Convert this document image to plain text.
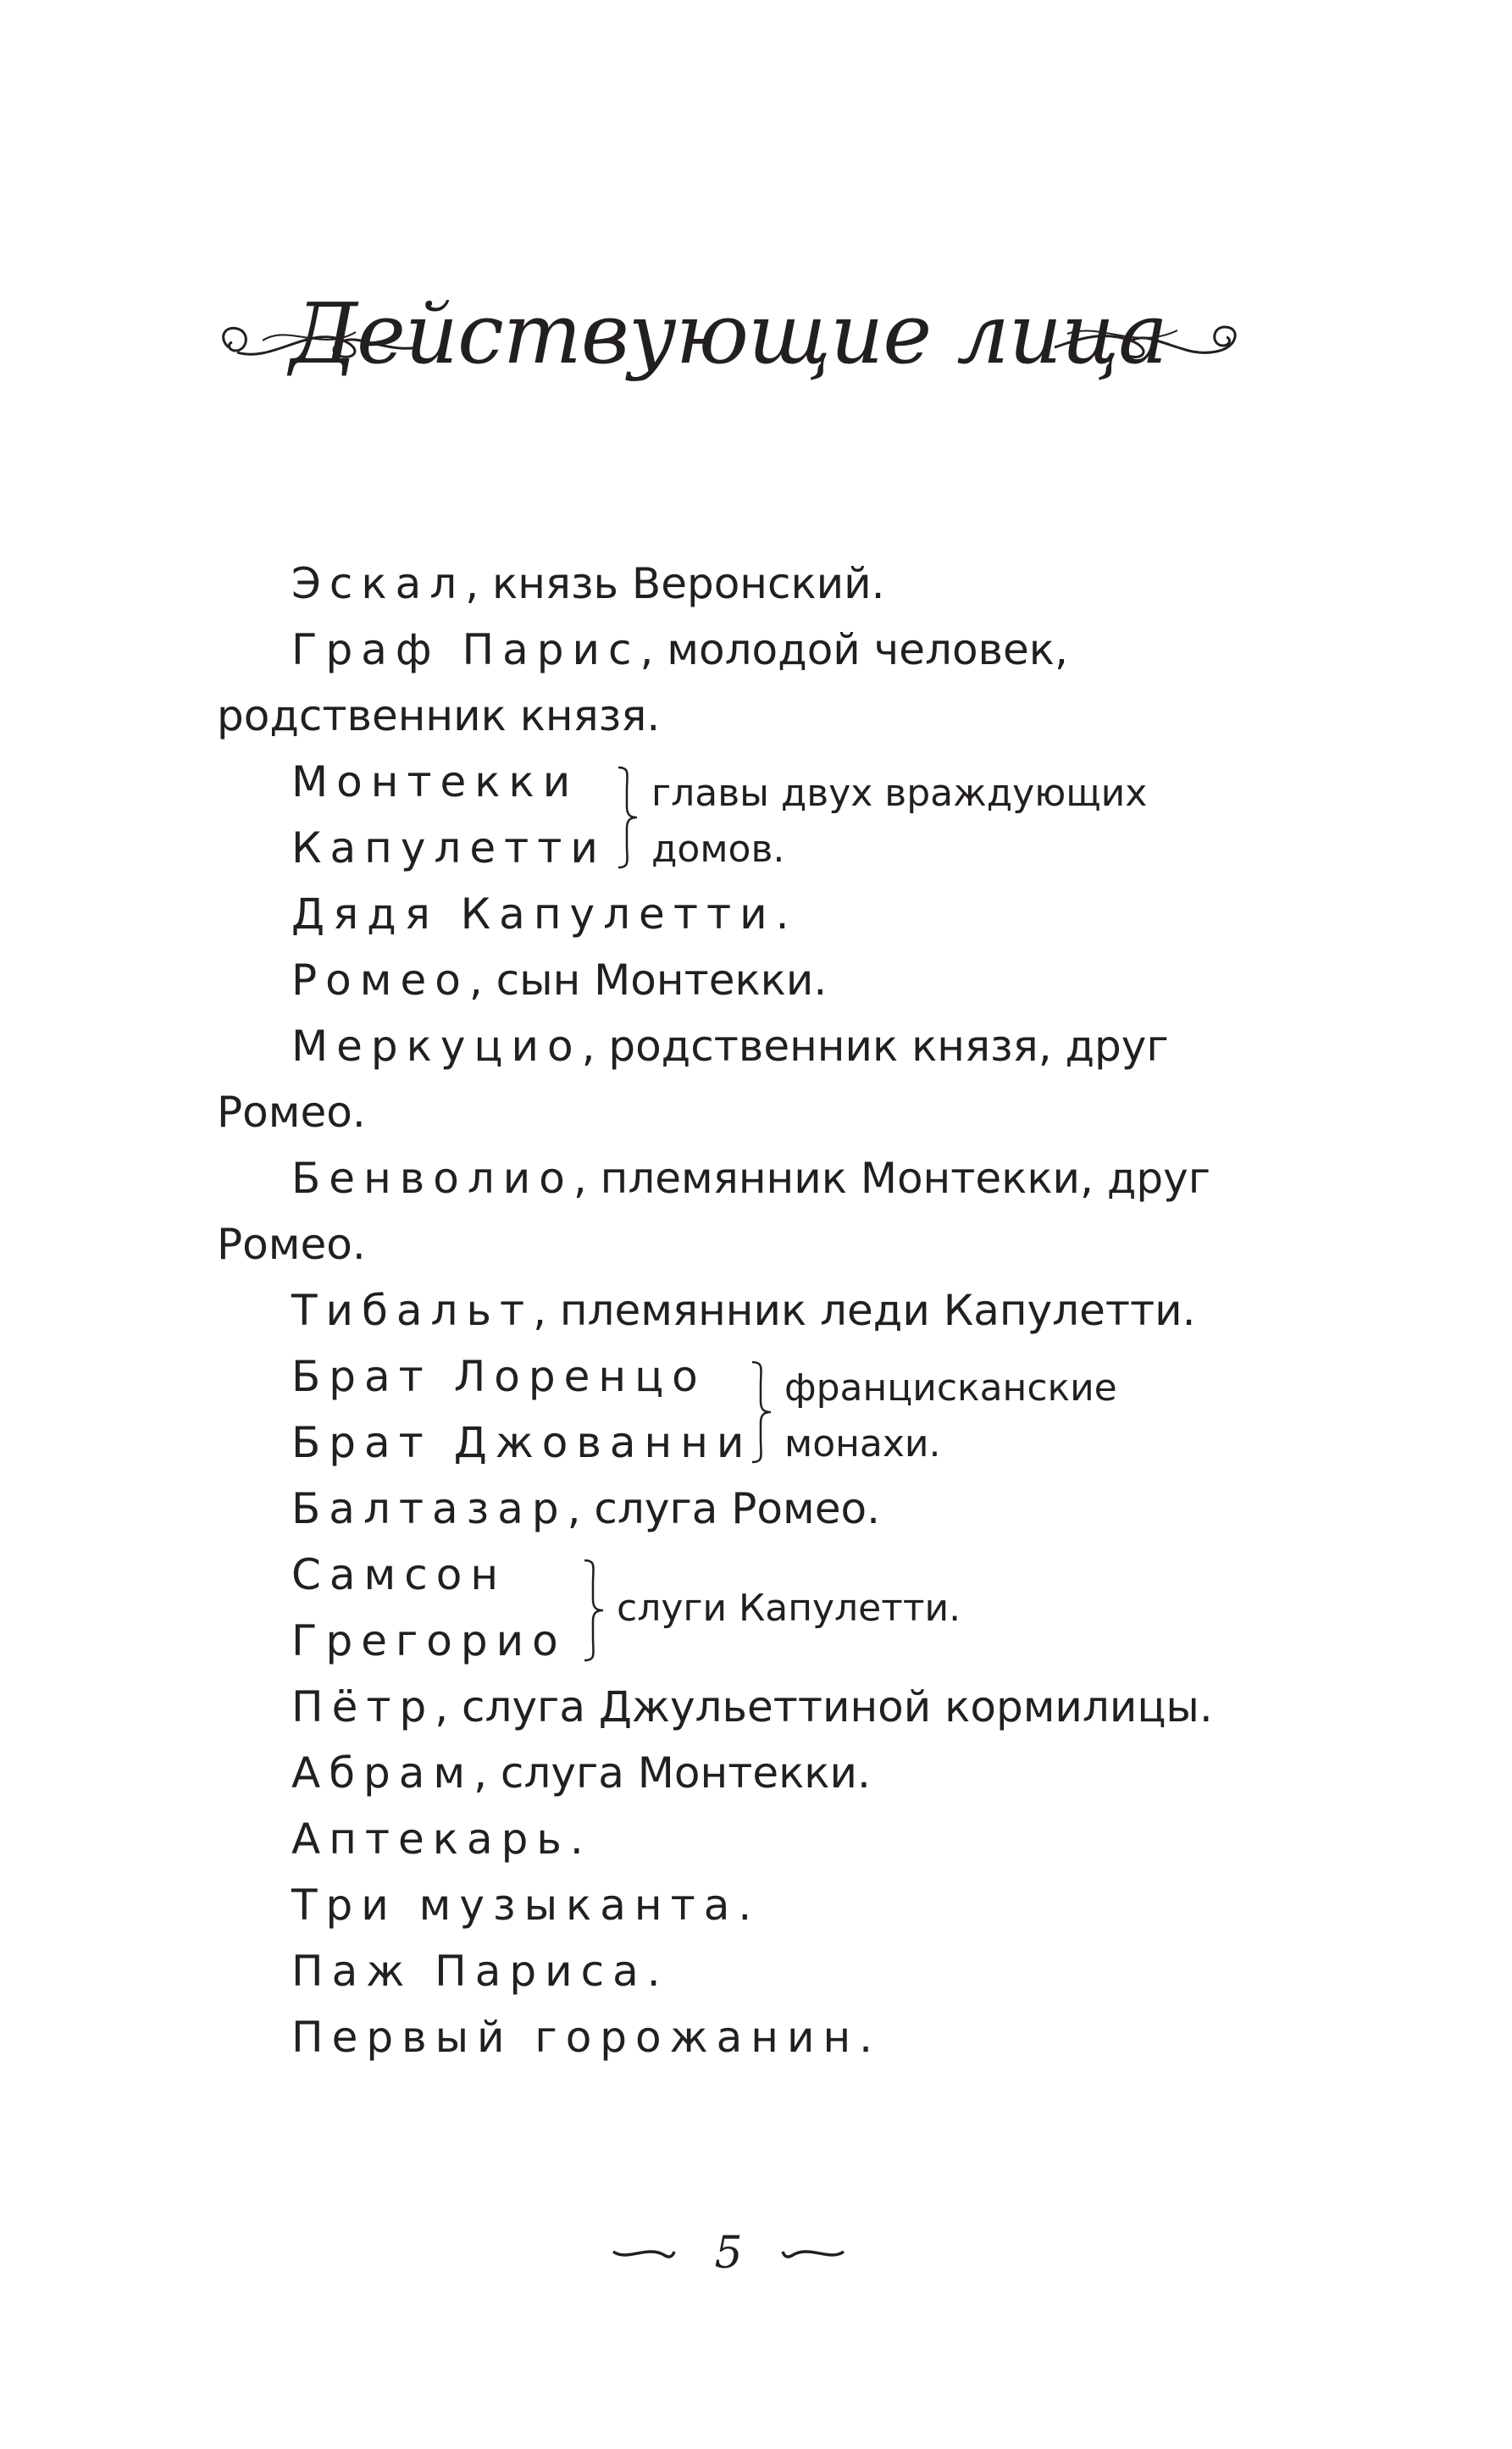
Действующие лица
Эскал, князь Веронский.
Граф Парис, молодой человек,
родственник князя.
Монтекки
Капулетти
главы двух враждующих
домов.
Дядя Капулетти.
Ромео, сын Монтекки.
Меркуцио, родственник князя, друг
Ромео.
Бенволио, племянник Монтекки, друг
Ромео.
Тибальт, племянник леди Капулетти.
Брат Лоренцо
Брат Джованни
францисканские
монахи.
Балтазар, слуга Ромео.
Самсон
Грегорио
слуги Капулетти.
Пётр, слуга Джульеттиной кормилицы.
Абрам, слуга Монтекки.
Аптекарь.
Три музыканта.
Паж Париса.
Первый горожанин.
5
